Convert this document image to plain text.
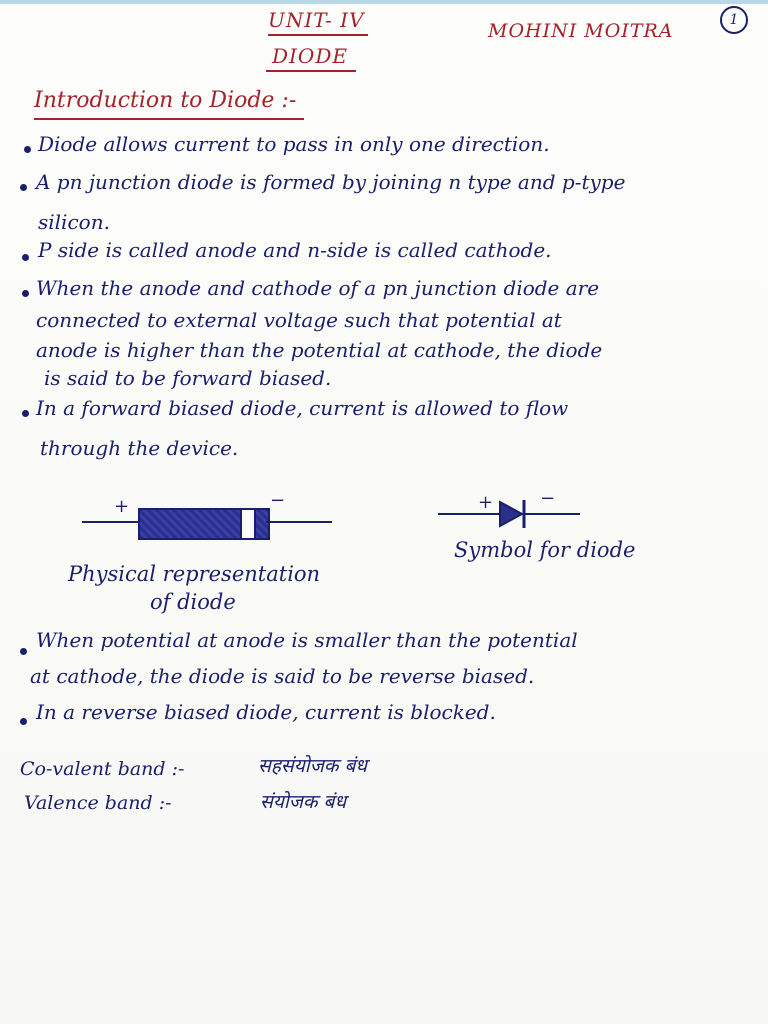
UNIT- IV
DIODE
MOHINI MOITRA	1
Introduction to Diode :-
Diode allows current to pass in only one direction.
A pn junction diode is formed by joining n type and p-type
silicon.
P side is called anode and n-side is called cathode.
When the anode and cathode of a pn junction diode are
connected to external voltage such that potential at
anode is higher than the potential at cathode, the diode
is said to be forward biased.
In a forward biased diode, current is allowed to flow
through the device.
+	−
Physical representation
of diode
+	−
Symbol for diode
When potential at anode is smaller than the potential
at cathode, the diode is said to be reverse biased.
In a reverse biased diode, current is blocked.
Co-valent band :-	सहसंयोजक बंध
Valence band :-	संयोजक बंध
